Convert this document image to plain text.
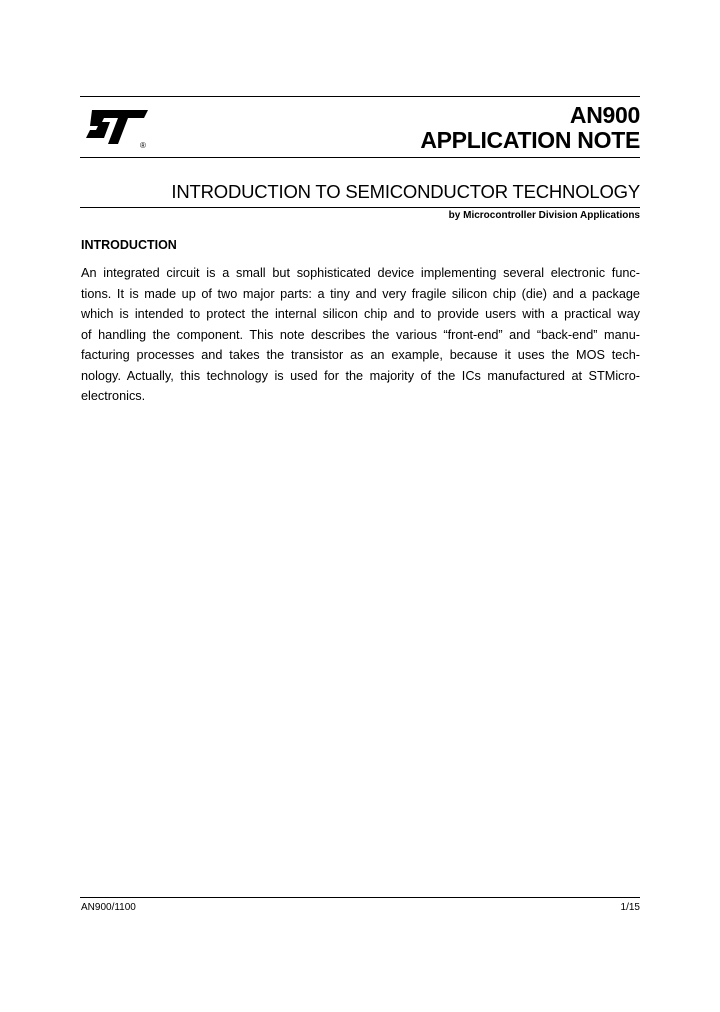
®
AN900
APPLICATION NOTE
INTRODUCTION TO SEMICONDUCTOR TECHNOLOGY
by Microcontroller Division Applications
INTRODUCTION
An integrated circuit is a small but sophisticated device implementing several electronic func-
tions. It is made up of two major parts: a tiny and very fragile silicon chip (die) and a package
which is intended to protect the internal silicon chip and to provide users with a practical way
of handling the component. This note describes the various “front-end” and “back-end” manu-
facturing processes and takes the transistor as an example, because it uses the MOS tech-
nology. Actually, this technology is used for the majority of the ICs manufactured at STMicro-
electronics.
AN900/1100	1/15
